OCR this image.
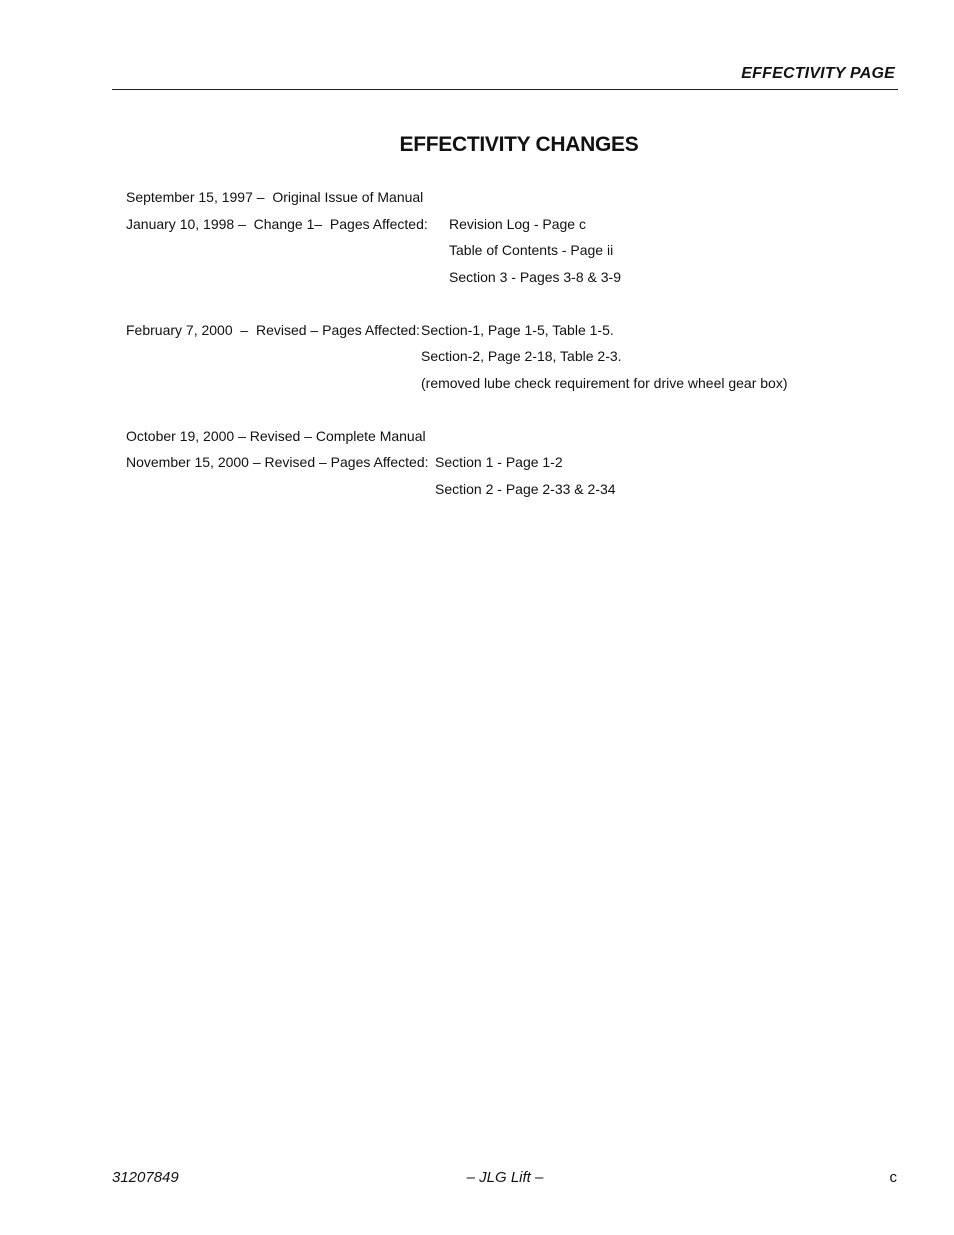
EFFECTIVITY PAGE
EFFECTIVITY CHANGES
September 15, 1997 –  Original Issue of Manual
January 10, 1998 –  Change 1–  Pages Affected: Revision Log - Page c
Table of Contents - Page ii
Section 3 - Pages 3-8 & 3-9
February 7, 2000  –  Revised – Pages Affected: Section-1, Page 1-5, Table 1-5.
Section-2, Page 2-18, Table 2-3.
(removed lube check requirement for drive wheel gear box)
October 19, 2000 – Revised – Complete Manual
November 15, 2000 – Revised – Pages Affected: Section 1 - Page 1-2
Section 2 - Page 2-33 & 2-34
31207849	– JLG Lift –	c
